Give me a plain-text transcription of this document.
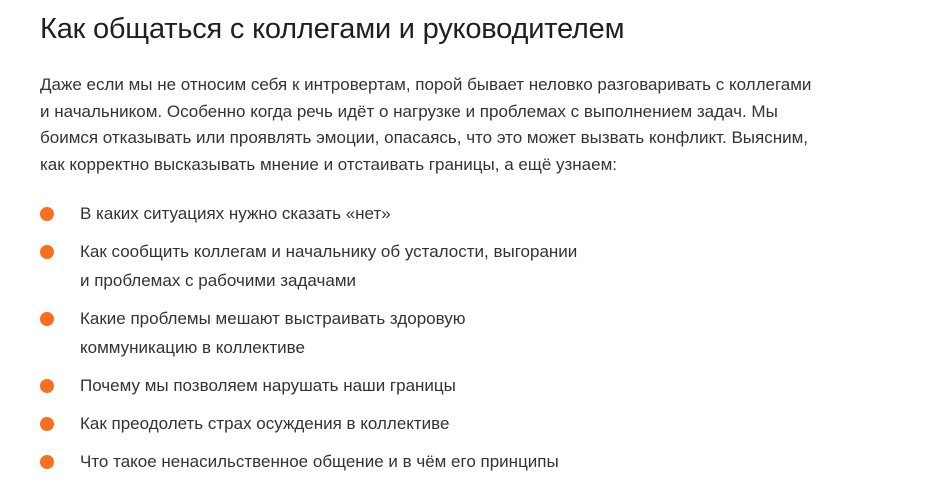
Как общаться с коллегами и руководителем

Даже если мы не относим себя к интровертам, порой бывает неловко разговаривать с коллегами
и начальником. Особенно когда речь идёт о нагрузке и проблемах с выполнением задач. Мы
боимся отказывать или проявлять эмоции, опасаясь, что это может вызвать конфликт. Выясним,
как корректно высказывать мнение и отстаивать границы, а ещё узнаем:

В каких ситуациях нужно сказать «нет»
Как сообщить коллегам и начальнику об усталости, выгорании
и проблемах с рабочими задачами
Какие проблемы мешают выстраивать здоровую
коммуникацию в коллективе
Почему мы позволяем нарушать наши границы
Как преодолеть страх осуждения в коллективе
Что такое ненасильственное общение и в чём его принципы
